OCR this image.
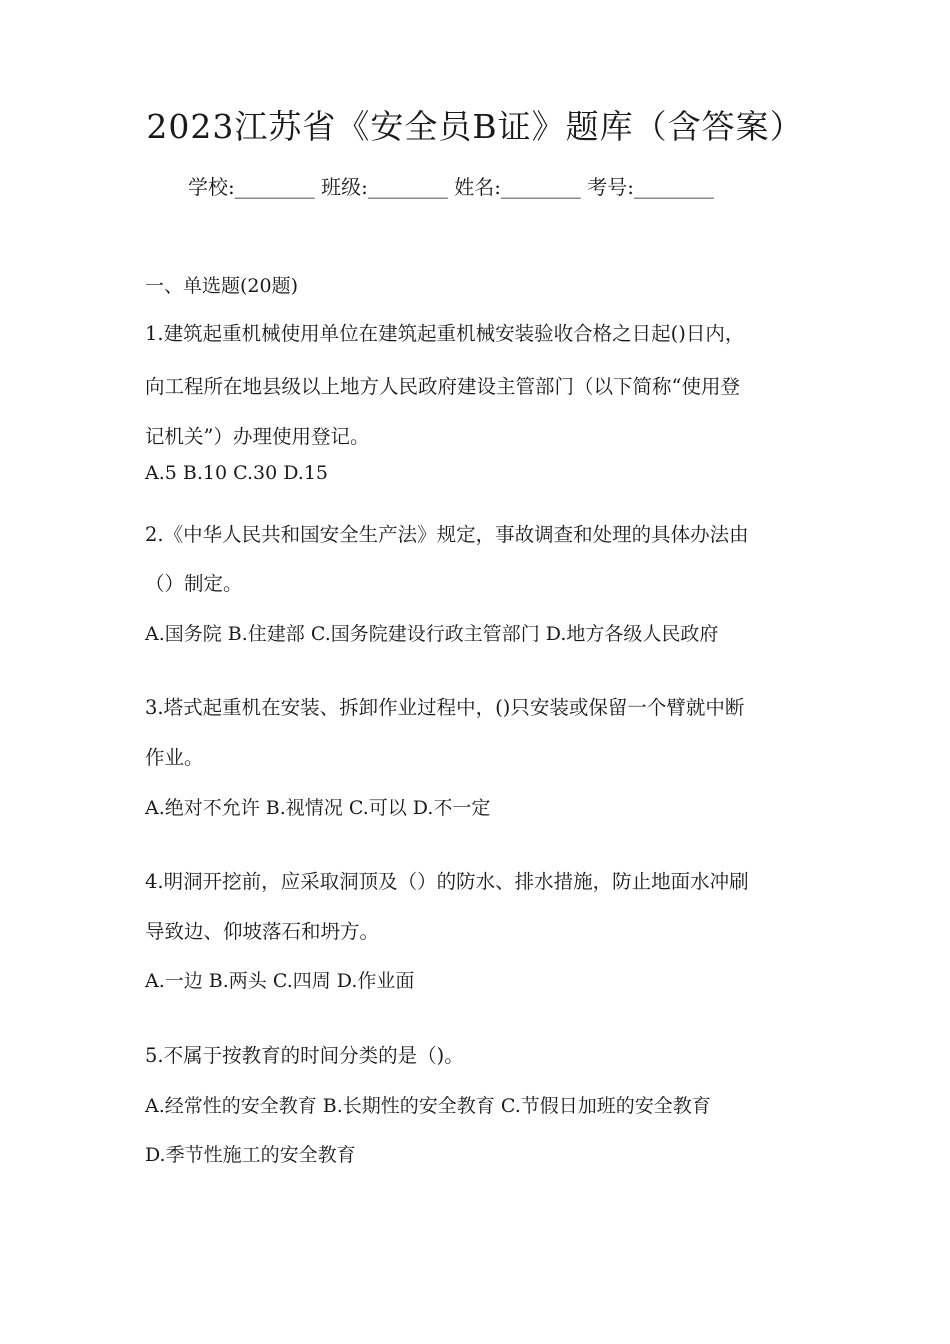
2023江苏省《安全员B证》题库（含答案）
学校:________ 班级:________ 姓名:________ 考号:________
一、单选题(20题)
1.建筑起重机械使用单位在建筑起重机械安装验收合格之日起()日内，
向工程所在地县级以上地方人民政府建设主管部门（以下简称“使用登
记机关”）办理使用登记。
A.5 B.10 C.30 D.15
2.《中华人民共和国安全生产法》规定，事故调查和处理的具体办法由
（）制定。
A.国务院 B.住建部 C.国务院建设行政主管部门 D.地方各级人民政府
3.塔式起重机在安装、拆卸作业过程中，()只安装或保留一个臂就中断
作业。
A.绝对不允许 B.视情况 C.可以 D.不一定
4.明洞开挖前，应采取洞顶及（）的防水、排水措施，防止地面水冲刷
导致边、仰坡落石和坍方。
A.一边 B.两头 C.四周 D.作业面
5.不属于按教育的时间分类的是（)。
A.经常性的安全教育 B.长期性的安全教育 C.节假日加班的安全教育
D.季节性施工的安全教育
